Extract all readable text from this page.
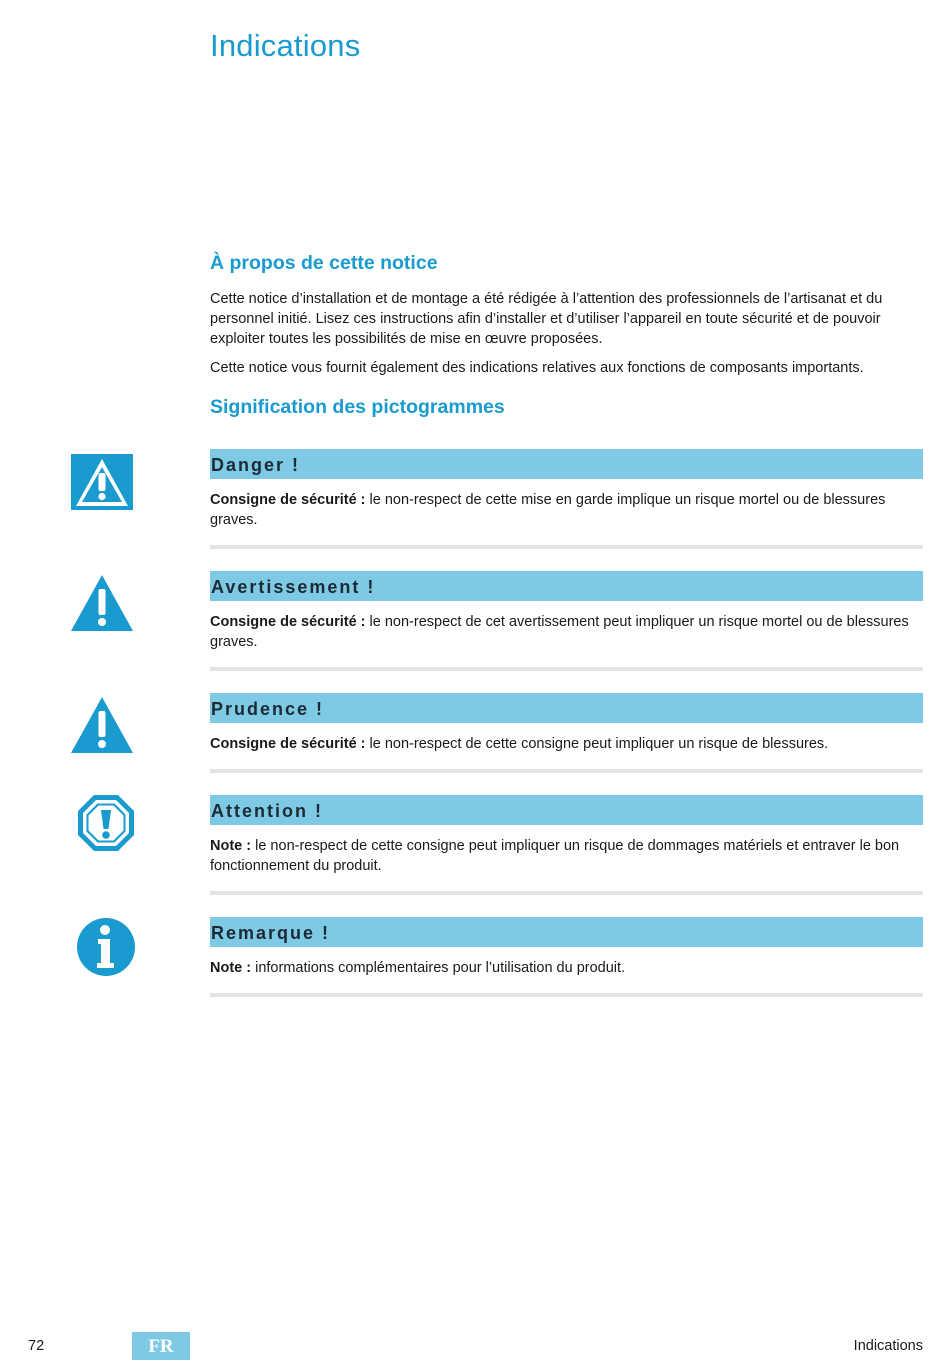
Indications
À propos de cette notice

Cette notice d’installation et de montage a été rédigée à l’attention des professionnels de l’artisanat et du personnel initié. Lisez ces instructions afin d’installer et d’utiliser l’appareil en toute sécurité et de pouvoir exploiter toutes les possibilités de mise en œuvre proposées.

Cette notice vous fournit également des indications relatives aux fonctions de composants importants.

Signification des pictogrammes
Danger !

Consigne de sécurité : le non-respect de cette mise en garde implique un risque mortel ou de blessures graves.

Avertissement !

Consigne de sécurité : le non-respect de cet avertissement peut impliquer un risque mortel ou de blessures graves.

Prudence !

Consigne de sécurité : le non-respect de cette consigne peut impliquer un risque de blessures.

Attention !

Note : le non-respect de cette consigne peut impliquer un risque de dommages matériels et entraver le bon fonctionnement du produit.

Remarque !

Note : informations complémentaires pour l’utilisation du produit.

72	FR	Indications
